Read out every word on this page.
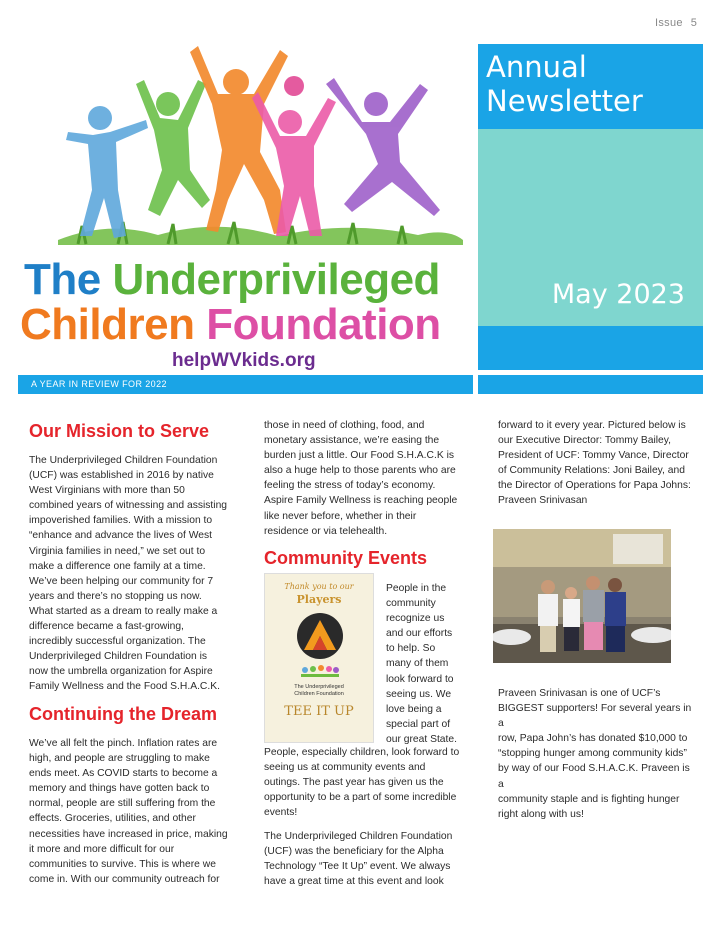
Issue 5
Annual
Newsletter
May 2023
The Underprivileged
Children Foundation
helpWVkids.org
A YEAR IN REVIEW FOR 2022
Our Mission to Serve
The Underprivileged Children Foundation
(UCF) was established in 2016 by native
West Virginians with more than 50
combined years of witnessing and assisting
impoverished families. With a mission to
“enhance and advance the lives of West
Virginia families in need,” we set out to
make a difference one family at a time.
We’ve been helping our community for 7
years and there’s no stopping us now.
What started as a dream to really make a
difference became a fast-growing,
incredibly successful organization. The
Underprivileged Children Foundation is
now the umbrella organization for Aspire
Family Wellness and the Food S.H.A.C.K.
Continuing the Dream
We’ve all felt the pinch. Inflation rates are
high, and people are struggling to make
ends meet. As COVID starts to become a
memory and things have gotten back to
normal, people are still suffering from the
effects. Groceries, utilities, and other
necessities have increased in price, making
it more and more difficult for our
communities to survive. This is where we
come in. With our community outreach for
those in need of clothing, food, and
monetary assistance, we’re easing the
burden just a little. Our Food S.H.A.C.K is
also a huge help to those parents who are
feeling the stress of today’s economy.
Aspire Family Wellness is reaching people
like never before, whether in their
residence or via telehealth.
Community Events
Thank you to our
Players
The Underprivileged
Children Foundation
TEE IT UP
People in the
community
recognize us
and our efforts
to help. So
many of them
look forward to
seeing us. We
love being a
special part of
our great State.
People, especially children, look forward to
seeing us at community events and
outings. The past year has given us the
opportunity to be a part of some incredible
events!
The Underprivileged Children Foundation
(UCF) was the beneficiary for the Alpha
Technology “Tee It Up” event. We always
have a great time at this event and look
forward to it every year. Pictured below is
our Executive Director: Tommy Bailey,
President of UCF: Tommy Vance, Director
of Community Relations: Joni Bailey, and
the Director of Operations for Papa Johns:
Praveen Srinivasan
Praveen Srinivasan is one of UCF’s
BIGGEST supporters! For several years in a
row, Papa John’s has donated $10,000 to
“stopping hunger among community kids”
by way of our Food S.H.A.C.K. Praveen is a
community staple and is fighting hunger
right along with us!
